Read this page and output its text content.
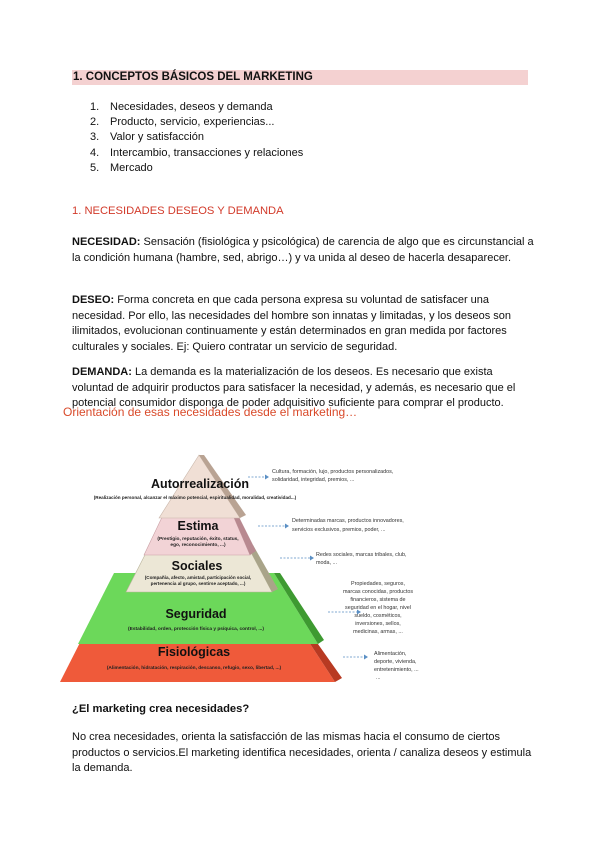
1. CONCEPTOS BÁSICOS DEL MARKETING
1. Necesidades, deseos y demanda
2. Producto, servicio, experiencias...
3. Valor y satisfacción
4. Intercambio, transacciones y relaciones
5. Mercado
1. NECESIDADES DESEOS Y DEMANDA

NECESIDAD: Sensación (fisiológica y psicológica) de carencia de algo que es circunstancial a la condición humana (hambre, sed, abrigo…) y va unida al deseo de hacerla desaparecer.

DESEO: Forma concreta en que cada persona expresa su voluntad de satisfacer una necesidad. Por ello, las necesidades del hombre son innatas y limitadas, y los deseos son ilimitados, evolucionan continuamente y están determinados en gran medida por factores culturales y sociales. Ej: Quiero contratar un servicio de seguridad.

DEMANDA: La demanda es la materialización de los deseos. Es necesario que exista voluntad de adquirir productos para satisfacer la necesidad, y además, es necesario que el potencial consumidor disponga de poder adquisitivo suficiente para comprar el producto.

Autorrealización
Estima
Sociales
Seguridad
Fisiológicas
(Realización personal, alcanzar el máximo potencial, espiritualidad, moralidad, creatividad...)
(Prestigio, reputación, éxito, status,
ego, reconocimiento, ...)
(Compañía, afecto, amistad, participación social,
pertenencia al grupo, sentirse aceptado, ...)
(Estabilidad, orden, protección física y psíquica, control, ...)
(Alimentación, hidratación, respiración, descanso, refugio, sexo, libertad, ...)
Cultura, formación, lujo, productos personalizados,
solidaridad, integridad, premios, ...
Determinadas marcas, productos innovadores,
servicios exclusivos, premios, poder, ...
Redes sociales, marcas tribales, club,
moda, ...
Propiedades, seguros,
marcas conocidas, productos
financieros, sistema de
seguridad en el hogar, nivel
sueldo, cosméticos,
inversiones, sellos,
medicinas, armas, ...
Alimentación,
deporte, vivienda,
entretenimiento, ...
...
Orientación de esas necesidades desde el marketing…
¿El marketing crea necesidades?

No crea necesidades, orienta la satisfacción de las mismas hacia el consumo de ciertos productos o servicios.El marketing identifica necesidades, orienta / canaliza deseos y estimula la demanda.
